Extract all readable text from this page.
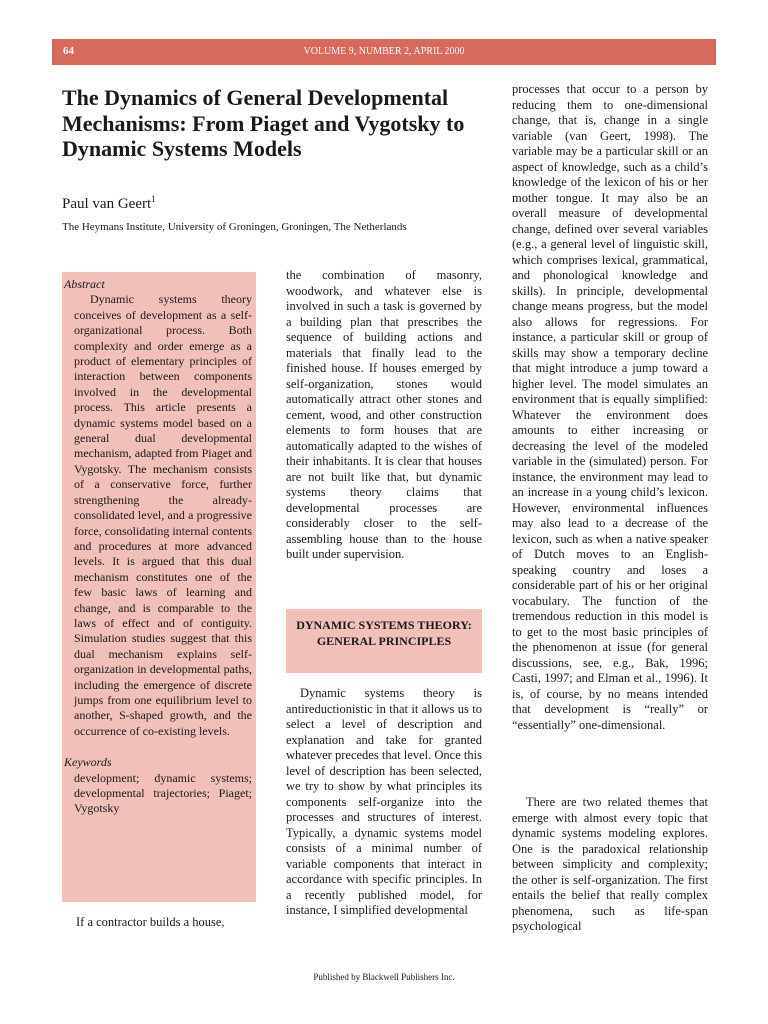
64	VOLUME 9, NUMBER 2, APRIL 2000
The Dynamics of General Developmental Mechanisms: From Piaget and Vygotsky to Dynamic Systems Models
Paul van Geert$^1$
The Heymans Institute, University of Groningen, Groningen, The Netherlands
Abstract
Dynamic systems theory conceives of development as a self-organizational process. Both complexity and order emerge as a product of elementary principles of interaction between components involved in the developmental process. This article presents a dynamic systems model based on a general dual developmental mechanism, adapted from Piaget and Vygotsky. The mechanism consists of a conservative force, further strengthening the already-consolidated level, and a progressive force, consolidating internal contents and procedures at more advanced levels. It is argued that this dual mechanism constitutes one of the few basic laws of learning and change, and is comparable to the laws of effect and of contiguity. Simulation studies suggest that this dual mechanism explains self-organization in developmental paths, including the emergence of discrete jumps from one equilibrium level to another, S-shaped growth, and the occurrence of co-existing levels.
Keywords
development; dynamic systems; developmental trajectories; Piaget; Vygotsky

If a contractor builds a house,

the combination of masonry, woodwork, and whatever else is involved in such a task is governed by a building plan that prescribes the sequence of building actions and materials that finally lead to the finished house. If houses emerged by self-organization, stones would automatically attract other stones and cement, wood, and other construction elements to form houses that are automatically adapted to the wishes of their inhabitants. It is clear that houses are not built like that, but dynamic systems theory claims that developmental processes are considerably closer to the self-assembling house than to the house built under supervision.

DYNAMIC SYSTEMS THEORY: GENERAL PRINCIPLES

Dynamic systems theory is antireductionistic in that it allows us to select a level of description and explanation and take for granted whatever precedes that level. Once this level of description has been selected, we try to show by what principles its components self-organize into the processes and structures of interest. Typically, a dynamic systems model consists of a minimal number of variable components that interact in accordance with specific principles. In a recently published model, for instance, I simplified developmental

processes that occur to a person by reducing them to one-dimensional change, that is, change in a single variable (van Geert, 1998). The variable may be a particular skill or an aspect of knowledge, such as a child’s knowledge of the lexicon of his or her mother tongue. It may also be an overall measure of developmental change, defined over several variables (e.g., a general level of linguistic skill, which comprises lexical, grammatical, and phonological knowledge and skills). In principle, developmental change means progress, but the model also allows for regressions. For instance, a particular skill or group of skills may show a temporary decline that might introduce a jump toward a higher level. The model simulates an environment that is equally simplified: Whatever the environment does amounts to either increasing or decreasing the level of the modeled variable in the (simulated) person. For instance, the environment may lead to an increase in a young child’s lexicon. However, environmental influences may also lead to a decrease of the lexicon, such as when a native speaker of Dutch moves to an English-speaking country and loses a considerable part of his or her original vocabulary. The function of the tremendous reduction in this model is to get to the most basic principles of the phenomenon at issue (for general discussions, see, e.g., Bak, 1996; Casti, 1997; and Elman et al., 1996). It is, of course, by no means intended that development is “really” or “essentially” one-dimensional.

There are two related themes that emerge with almost every topic that dynamic systems modeling explores. One is the paradoxical relationship between simplicity and complexity; the other is self-organization. The first entails the belief that really complex phenomena, such as life-span psychological

Published by Blackwell Publishers Inc.
